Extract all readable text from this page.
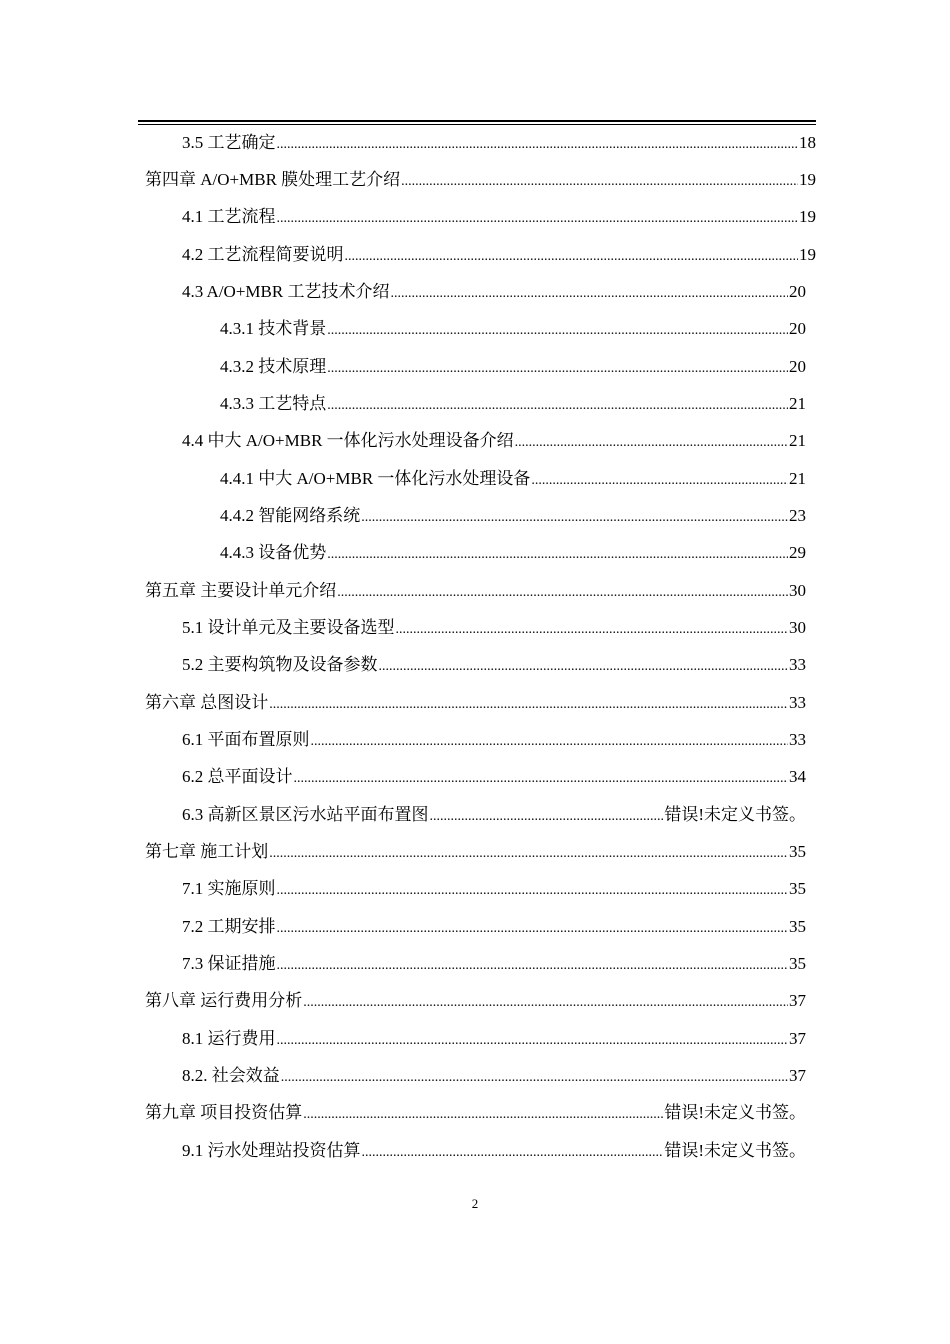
3.5 工艺确定 .....	18
第四章 A/O+MBR 膜处理工艺介绍 .....	19
4.1 工艺流程 .....	19
4.2 工艺流程简要说明 .....	19
4.3 A/O+MBR 工艺技术介绍 .....	20
4.3.1 技术背景 .....	20
4.3.2 技术原理 .....	20
4.3.3 工艺特点 .....	21
4.4 中大 A/O+MBR 一体化污水处理设备介绍 .....	21
4.4.1 中大 A/O+MBR 一体化污水处理设备 .....	21
4.4.2 智能网络系统 .....	23
4.4.3 设备优势 .....	29
第五章 主要设计单元介绍 .....	30
5.1 设计单元及主要设备选型 .....	30
5.2 主要构筑物及设备参数 .....	33
第六章 总图设计 .....	33
6.1 平面布置原则 .....	33
6.2 总平面设计 .....	34
6.3 高新区景区污水站平面布置图 .....	错误!未定义书签。
第七章 施工计划 .....	35
7.1 实施原则 .....	35
7.2 工期安排 .....	35
7.3 保证措施 .....	35
第八章 运行费用分析 .....	37
8.1 运行费用 .....	37
8.2. 社会效益 .....	37
第九章 项目投资估算 .....	错误!未定义书签。
9.1 污水处理站投资估算 .....	错误!未定义书签。
2
